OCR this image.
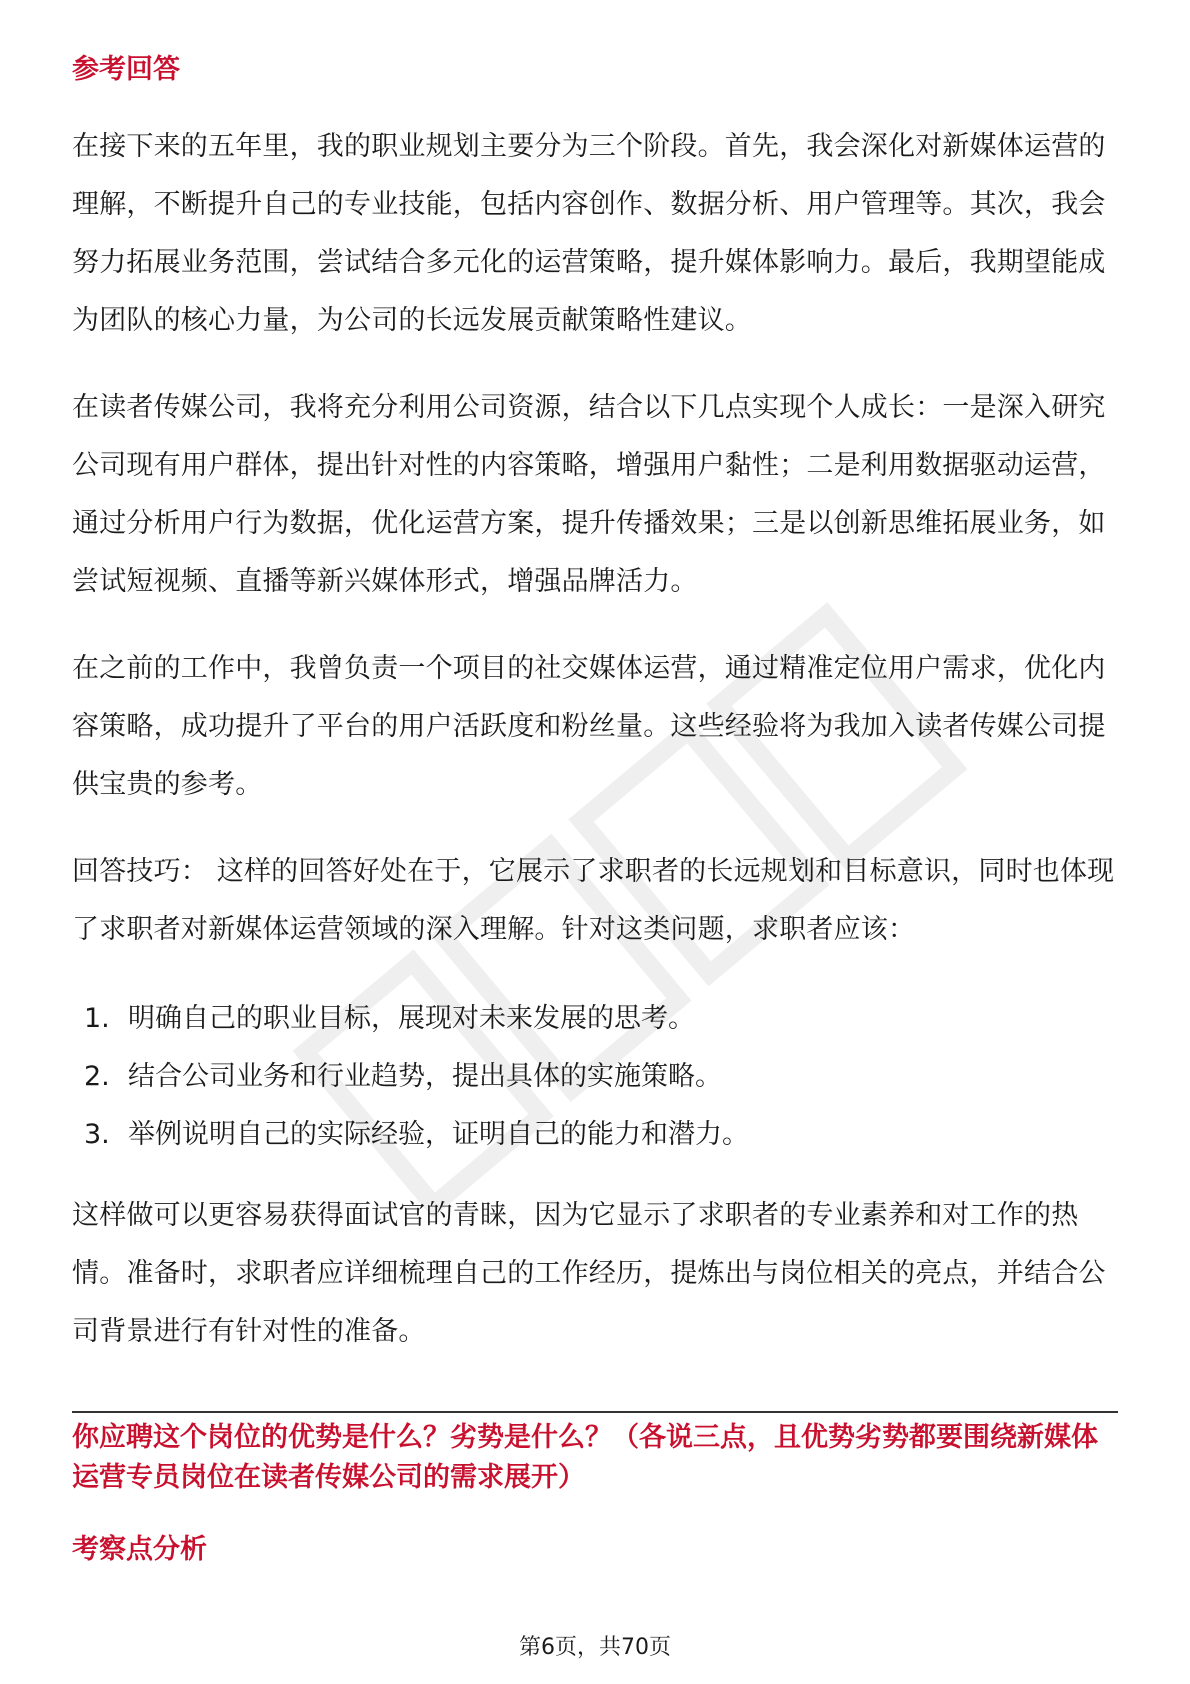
参考回答

在接下来的五年里，我的职业规划主要分为三个阶段。首先，我会深化对新媒体运营的理解，不断提升自己的专业技能，包括内容创作、数据分析、用户管理等。其次，我会努力拓展业务范围，尝试结合多元化的运营策略，提升媒体影响力。最后，我期望能成为团队的核心力量，为公司的长远发展贡献策略性建议。

在读者传媒公司，我将充分利用公司资源，结合以下几点实现个人成长：一是深入研究公司现有用户群体，提出针对性的内容策略，增强用户黏性；二是利用数据驱动运营，通过分析用户行为数据，优化运营方案，提升传播效果；三是以创新思维拓展业务，如尝试短视频、直播等新兴媒体形式，增强品牌活力。

在之前的工作中，我曾负责一个项目的社交媒体运营，通过精准定位用户需求，优化内容策略，成功提升了平台的用户活跃度和粉丝量。这些经验将为我加入读者传媒公司提供宝贵的参考。

回答技巧： 这样的回答好处在于，它展示了求职者的长远规划和目标意识，同时也体现了求职者对新媒体运营领域的深入理解。针对这类问题，求职者应该：

1. 明确自己的职业目标，展现对未来发展的思考。
2. 结合公司业务和行业趋势，提出具体的实施策略。
3. 举例说明自己的实际经验，证明自己的能力和潜力。

这样做可以更容易获得面试官的青睐，因为它显示了求职者的专业素养和对工作的热情。准备时，求职者应详细梳理自己的工作经历，提炼出与岗位相关的亮点，并结合公司背景进行有针对性的准备。

你应聘这个岗位的优势是什么？劣势是什么？（各说三点，且优势劣势都要围绕新媒体运营专员岗位在读者传媒公司的需求展开）
考察点分析
第6页，共70页
